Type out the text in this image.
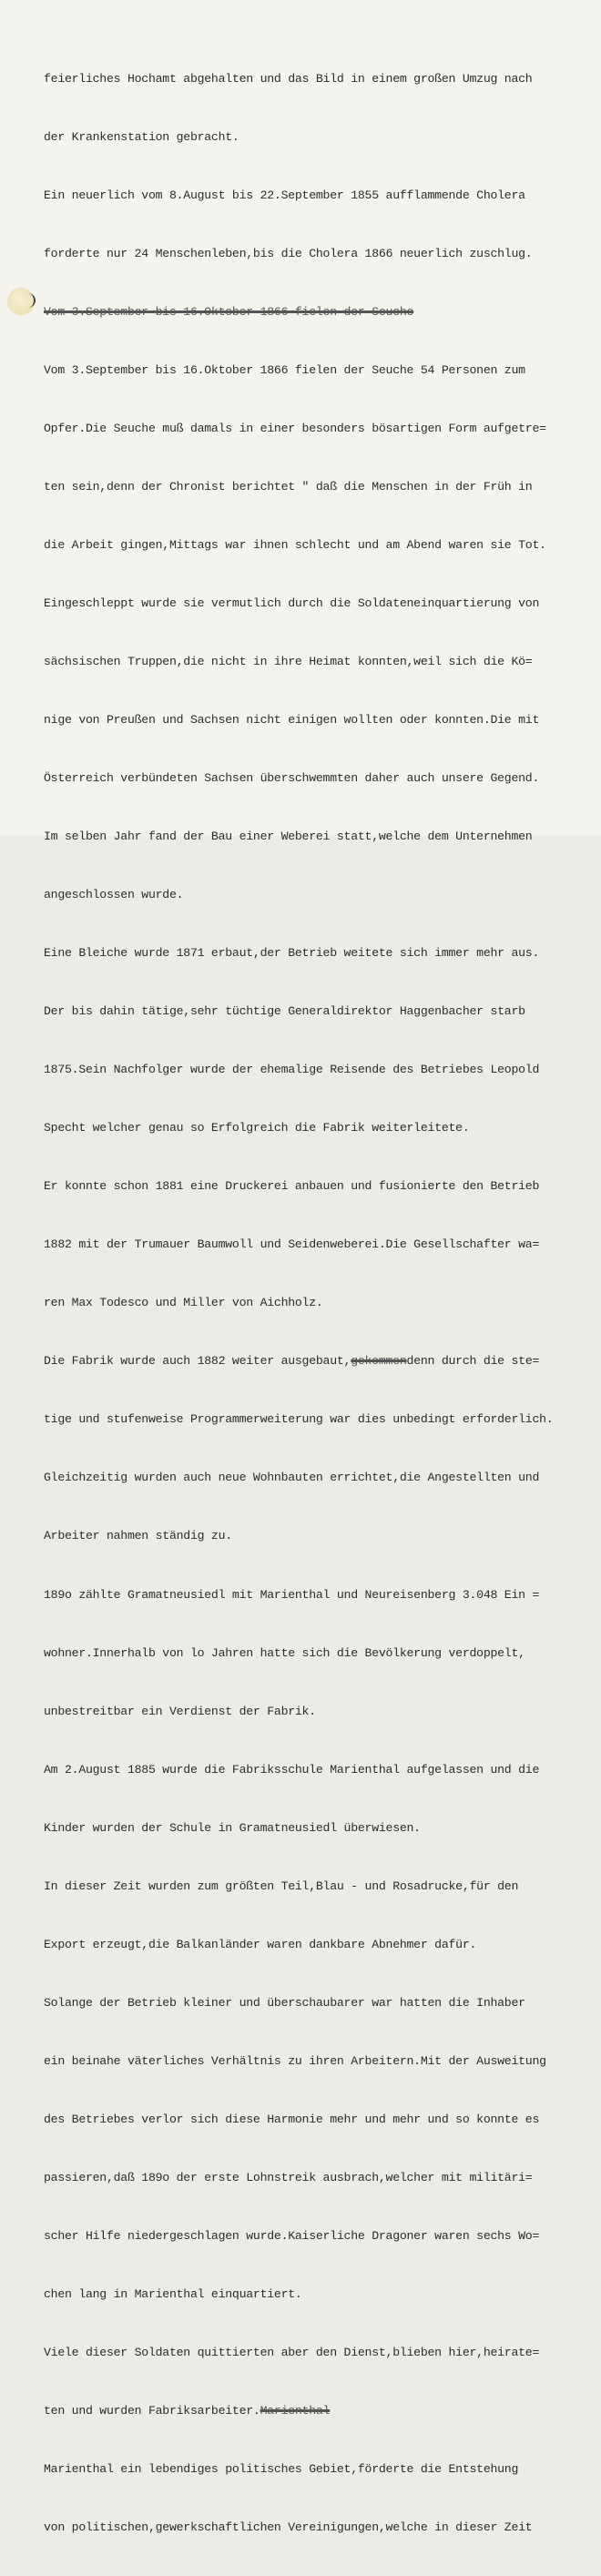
feierliches Hochamt abgehalten und das Bild in einem großen Umzug nach

der Krankenstation gebracht.

Ein neuerlich vom 8.August bis 22.September 1855 aufflammende Cholera

forderte nur 24 Menschenleben,bis die Cholera 1866 neuerlich zuschlug.

Vom 3.September bis 16.Oktober 1866 fielen der Seuche

Vom 3.September bis 16.Oktober 1866 fielen der Seuche 54 Personen zum

Opfer.Die Seuche muß damals in einer besonders bösartigen Form aufgetre=

ten sein,denn der Chronist berichtet " daß die Menschen in der Früh in

die Arbeit gingen,Mittags war ihnen schlecht und am Abend waren sie Tot.

Eingeschleppt wurde sie vermutlich durch die Soldateneinquartierung von

sächsischen Truppen,die nicht in ihre Heimat konnten,weil sich die Kö=

nige von Preußen und Sachsen nicht einigen wollten oder konnten.Die mit

Österreich verbündeten Sachsen überschwemmten daher auch unsere Gegend.

Im selben Jahr fand der Bau einer Weberei statt,welche dem Unternehmen

angeschlossen wurde.

Eine Bleiche wurde 1871 erbaut,der Betrieb weitete sich immer mehr aus.

Der bis dahin tätige,sehr tüchtige Generaldirektor Haggenbacher starb

1875.Sein Nachfolger wurde der ehemalige Reisende des Betriebes Leopold

Specht welcher genau so Erfolgreich die Fabrik weiterleitete.

Er konnte schon 1881 eine Druckerei anbauen und fusionierte den Betrieb

1882 mit der Trumauer Baumwoll und Seidenweberei.Die Gesellschafter wa=

ren Max Todesco und Miller von Aichholz.

Die Fabrik wurde auch 1882 weiter ausgebaut,gekommendenn durch die ste=

tige und stufenweise Programmerweiterung war dies unbedingt erforderlich.

Gleichzeitig wurden auch neue Wohnbauten errichtet,die Angestellten und

Arbeiter nahmen ständig zu.

189o zählte Gramatneusiedl mit Marienthal und Neureisenberg 3.048 Ein =

wohner.Innerhalb von lo Jahren hatte sich die Bevölkerung verdoppelt,

unbestreitbar ein Verdienst der Fabrik.

Am 2.August 1885 wurde die Fabriksschule Marienthal aufgelassen und die

Kinder wurden der Schule in Gramatneusiedl überwiesen.

In dieser Zeit wurden zum größten Teil,Blau - und Rosadrucke,für den

Export erzeugt,die Balkanländer waren dankbare Abnehmer dafür.

Solange der Betrieb kleiner und überschaubarer war hatten die Inhaber

ein beinahe väterliches Verhältnis zu ihren Arbeitern.Mit der Ausweitung

des Betriebes verlor sich diese Harmonie mehr und mehr und so konnte es

passieren,daß 189o der erste Lohnstreik ausbrach,welcher mit militäri=

scher Hilfe niedergeschlagen wurde.Kaiserliche Dragoner waren sechs Wo=

chen lang in Marienthal einquartiert.

Viele dieser Soldaten quittierten aber den Dienst,blieben hier,heirate=

ten und wurden Fabriksarbeiter.Marienthal

Marienthal ein lebendiges politisches Gebiet,förderte die Entstehung

von politischen,gewerkschaftlichen Vereinigungen,welche in dieser Zeit
